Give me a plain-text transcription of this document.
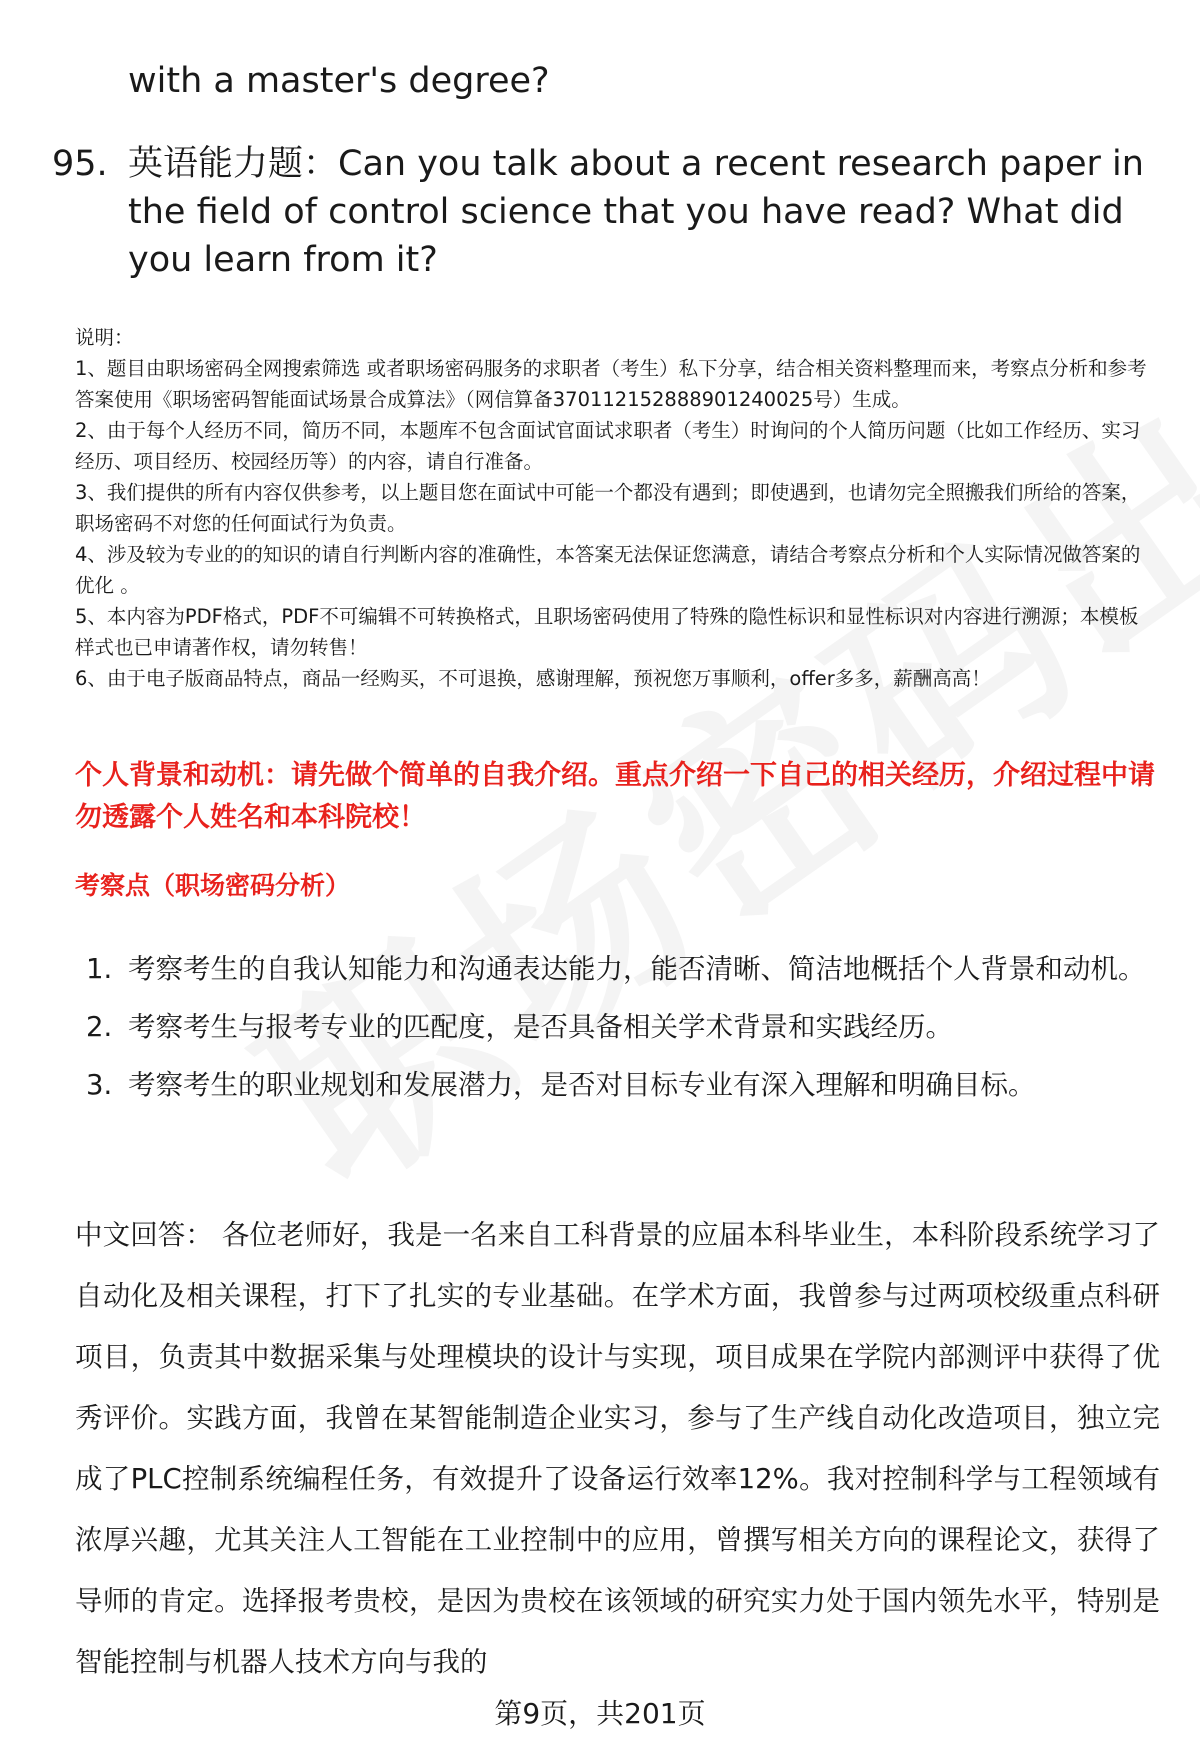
with a master's degree?
95. 英语能力题：Can you talk about a recent research paper in the field of control science that you have read? What did you learn from it?

说明：

1、题目由职场密码全网搜索筛选 或者职场密码服务的求职者（考生）私下分享，结合相关资料整理而来，考察点分析和参考答案使用《职场密码智能面试场景合成算法》（网信算备370112152888901240025号）生成。

2、由于每个人经历不同，简历不同，本题库不包含面试官面试求职者（考生）时询问的个人简历问题（比如工作经历、实习经历、项目经历、校园经历等）的内容，请自行准备。

3、我们提供的所有内容仅供参考，以上题目您在面试中可能一个都没有遇到；即使遇到，也请勿完全照搬我们所给的答案，职场密码不对您的任何面试行为负责。

4、涉及较为专业的的知识的请自行判断内容的准确性，本答案无法保证您满意，请结合考察点分析和个人实际情况做答案的优化 。

5、本内容为PDF格式，PDF不可编辑不可转换格式，且职场密码使用了特殊的隐性标识和显性标识对内容进行溯源；本模板样式也已申请著作权，请勿转售！

6、由于电子版商品特点，商品一经购买，不可退换，感谢理解，预祝您万事顺利，offer多多，薪酬高高！

个人背景和动机：请先做个简单的自我介绍。重点介绍一下自己的相关经历，介绍过程中请勿透露个人姓名和本科院校！
考察点（职场密码分析）
1. 考察考生的自我认知能力和沟通表达能力，能否清晰、简洁地概括个人背景和动机。
2. 考察考生与报考专业的匹配度，是否具备相关学术背景和实践经历。
3. 考察考生的职业规划和发展潜力，是否对目标专业有深入理解和明确目标。
中文回答： 各位老师好，我是一名来自工科背景的应届本科毕业生，本科阶段系统学习了自动化及相关课程，打下了扎实的专业基础。在学术方面，我曾参与过两项校级重点科研项目，负责其中数据采集与处理模块的设计与实现，项目成果在学院内部测评中获得了优秀评价。实践方面，我曾在某智能制造企业实习，参与了生产线自动化改造项目，独立完成了PLC控制系统编程任务，有效提升了设备运行效率12%。我对控制科学与工程领域有浓厚兴趣，尤其关注人工智能在工业控制中的应用，曾撰写相关方向的课程论文，获得了导师的肯定。选择报考贵校，是因为贵校在该领域的研究实力处于国内领先水平，特别是智能控制与机器人技术方向与我的
第9页，共201页
